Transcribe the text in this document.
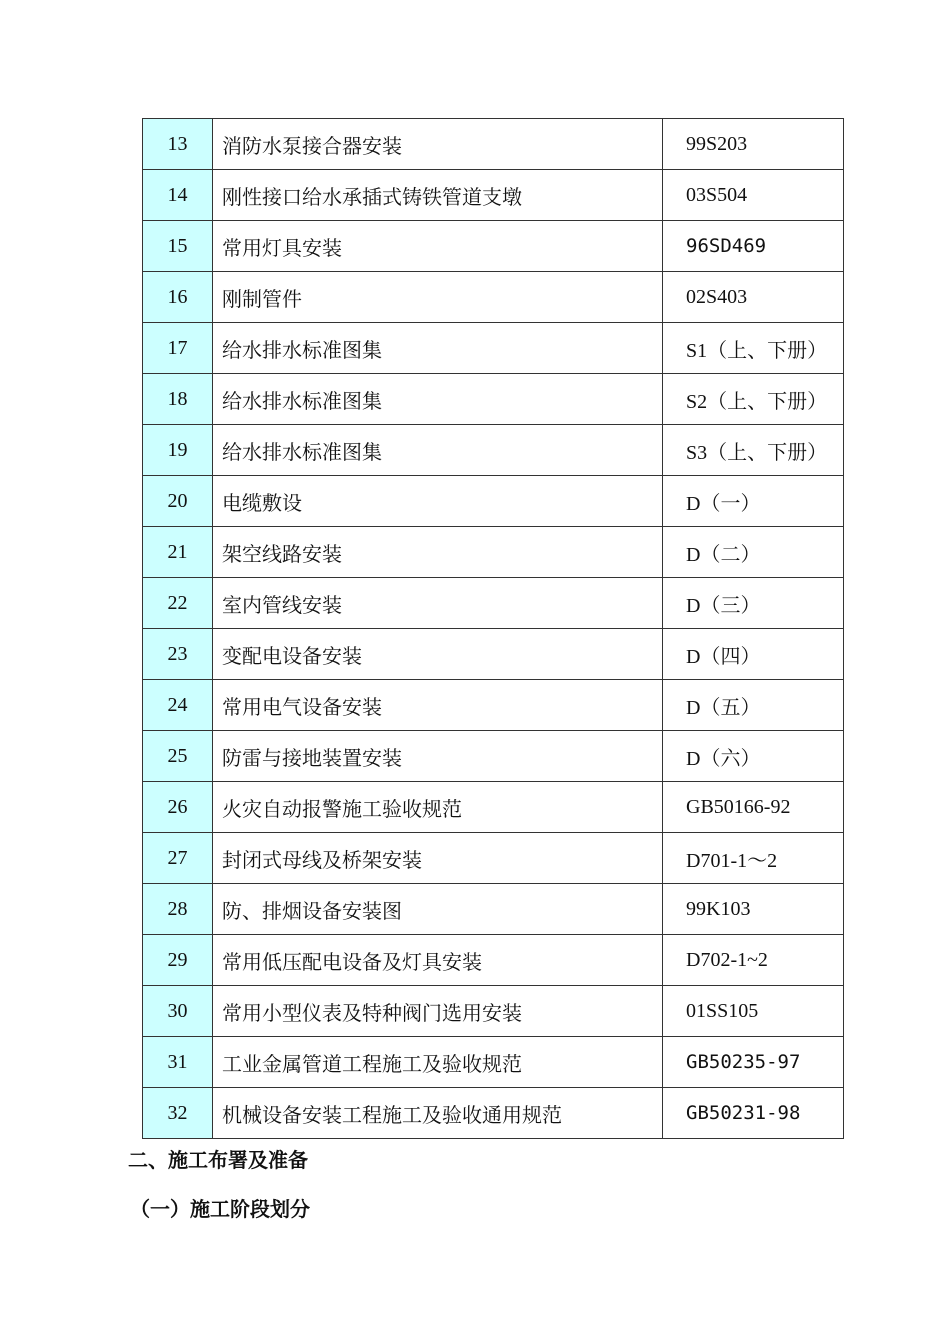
13	消防水泵接合器安装	99S203
14	刚性接口给水承插式铸铁管道支墩	03S504
15	常用灯具安装	96SD469
16	刚制管件	02S403
17	给水排水标准图集	S1（上、下册）
18	给水排水标准图集	S2（上、下册）
19	给水排水标准图集	S3（上、下册）
20	电缆敷设	D（一）
21	架空线路安装	D（二）
22	室内管线安装	D（三）
23	变配电设备安装	D（四）
24	常用电气设备安装	D（五）
25	防雷与接地装置安装	D（六）
26	火灾自动报警施工验收规范	GB50166-92
27	封闭式母线及桥架安装	D701-1～2
28	防、排烟设备安装图	99K103
29	常用低压配电设备及灯具安装	D702-1~2
30	常用小型仪表及特种阀门选用安装	01SS105
31	工业金属管道工程施工及验收规范	GB50235-97
32	机械设备安装工程施工及验收通用规范	GB50231-98
二、施工布署及准备
（一）施工阶段划分
